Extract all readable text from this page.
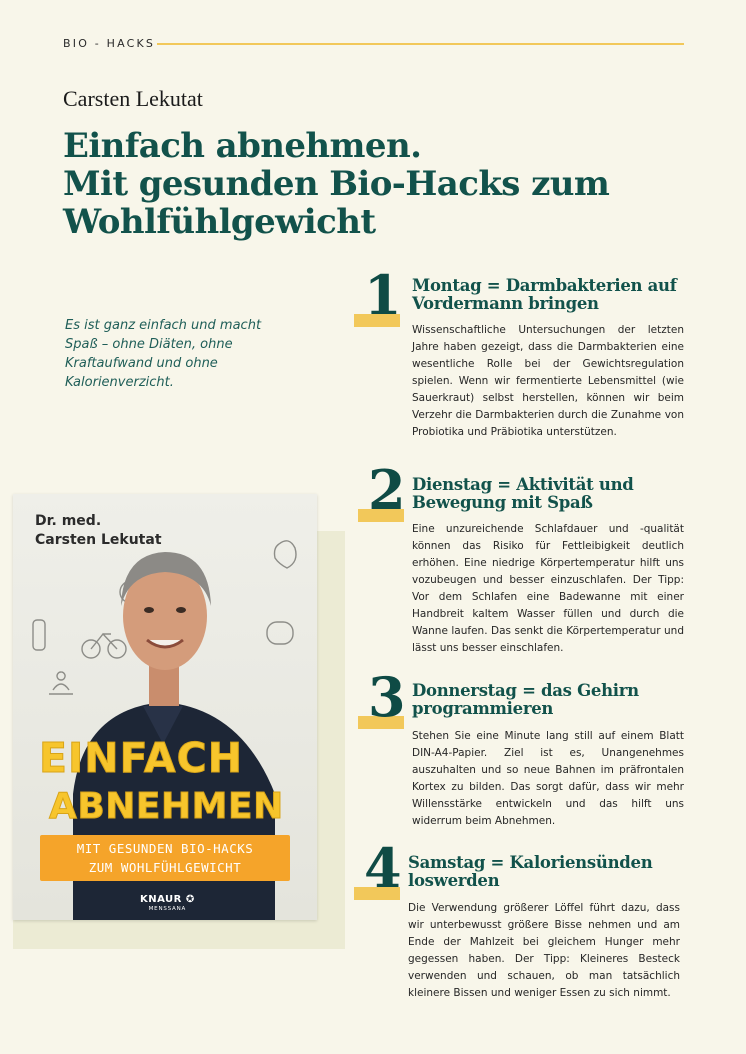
BIO - HACKS
Carsten Lekutat
Einfach abnehmen.
Mit gesunden Bio-Hacks zum
Wohlfühlgewicht
Es ist ganz einfach und macht
Spaß – ohne Diäten, ohne
Kraftaufwand und ohne
Kalorienverzicht.
Dr. med.
Carsten Lekutat
EINFACH
ABNEHMEN
MIT GESUNDEN BIO-HACKS
ZUM WOHLFÜHLGEWICHT
KNAUR ✪
MENSSANA
1 Montag = Darmbakterien auf
Vordermann bringen
Wissenschaftliche Untersuchungen der letzten Jahre haben gezeigt, dass die Darmbakterien eine wesentliche Rolle bei der Gewichtsregulation spielen. Wenn wir fermentierte Lebensmittel (wie Sauerkraut) selbst herstellen, können wir beim Verzehr die Darmbakterien durch die Zunahme von Probiotika und Präbiotika unterstützen.
2 Dienstag = Aktivität und
Bewegung mit Spaß
Eine unzureichende Schlafdauer und -qualität können das Risiko für Fettleibigkeit deutlich erhöhen. Eine niedrige Körpertemperatur hilft uns vozubeugen und besser einzuschlafen. Der Tipp: Vor dem Schlafen eine Badewanne mit einer Handbreit kaltem Wasser füllen und durch die Wanne laufen. Das senkt die Körpertemperatur und lässt uns besser einschlafen.
3 Donnerstag = das Gehirn
programmieren
Stehen Sie eine Minute lang still auf einem Blatt DIN-A4-Papier. Ziel ist es, Unangenehmes auszuhalten und so neue Bahnen im präfrontalen Kortex zu bilden. Das sorgt dafür, dass wir mehr Willensstärke entwickeln und das hilft uns widerrum beim Abnehmen.
4 Samstag = Kaloriensünden
loswerden
Die Verwendung größerer Löffel führt dazu, dass wir unterbewusst größere Bisse nehmen und am Ende der Mahlzeit bei gleichem Hunger mehr gegessen haben. Der Tipp: Kleineres Besteck verwenden und schauen, ob man tatsächlich kleinere Bissen und weniger Essen zu sich nimmt.
